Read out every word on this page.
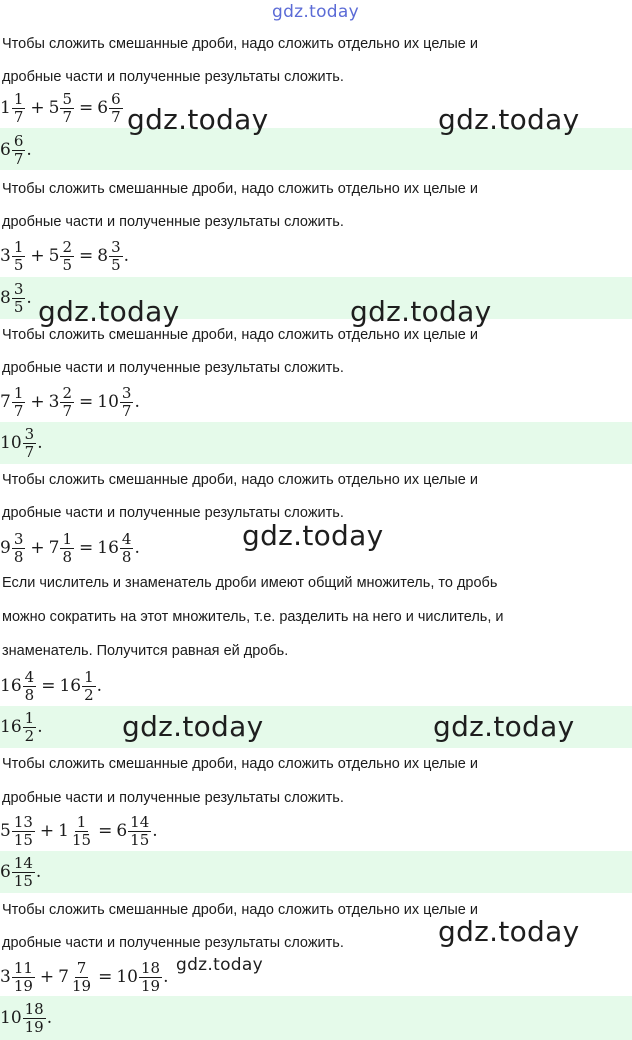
gdz.today
Чтобы сложить смешанные дроби, надо сложить отдельно их целые и
дробные части и полученные результаты сложить.
$1 \frac{1}{7} + 5 \frac{5}{7} = 6 \frac{6}{7}$
$6 \frac{6}{7}$ .
Чтобы сложить смешанные дроби, надо сложить отдельно их целые и
дробные части и полученные результаты сложить.
$3 \frac{1}{5} + 5 \frac{2}{5} = 8 \frac{3}{5}$ .
$8 \frac{3}{5}$ .
Чтобы сложить смешанные дроби, надо сложить отдельно их целые и
дробные части и полученные результаты сложить.
$7 \frac{1}{7} + 3 \frac{2}{7} = 10 \frac{3}{7}$ .
$10 \frac{3}{7}$ .
Чтобы сложить смешанные дроби, надо сложить отдельно их целые и
дробные части и полученные результаты сложить.
$9 \frac{3}{8} + 7 \frac{1}{8} = 16 \frac{4}{8}$ .
Если числитель и знаменатель дроби имеют общий множитель, то дробь
можно сократить на этот множитель, т.е. разделить на него и числитель, и
знаменатель. Получится равная ей дробь.
$16 \frac{4}{8} = 16 \frac{1}{2}$ .
$16 \frac{1}{2}$ .
Чтобы сложить смешанные дроби, надо сложить отдельно их целые и
дробные части и полученные результаты сложить.
$5 \frac{13}{15} + 1 \frac{1}{15} = 6 \frac{14}{15}$ .
$6 \frac{14}{15}$ .
Чтобы сложить смешанные дроби, надо сложить отдельно их целые и
дробные части и полученные результаты сложить.
$3 \frac{11}{19} + 7 \frac{7}{19} = 10 \frac{18}{19}$ .
$10 \frac{18}{19}$ .
gdz.today	gdz.today
gdz.today	gdz.today
gdz.today
gdz.today	gdz.today
gdz.today
gdz.today
